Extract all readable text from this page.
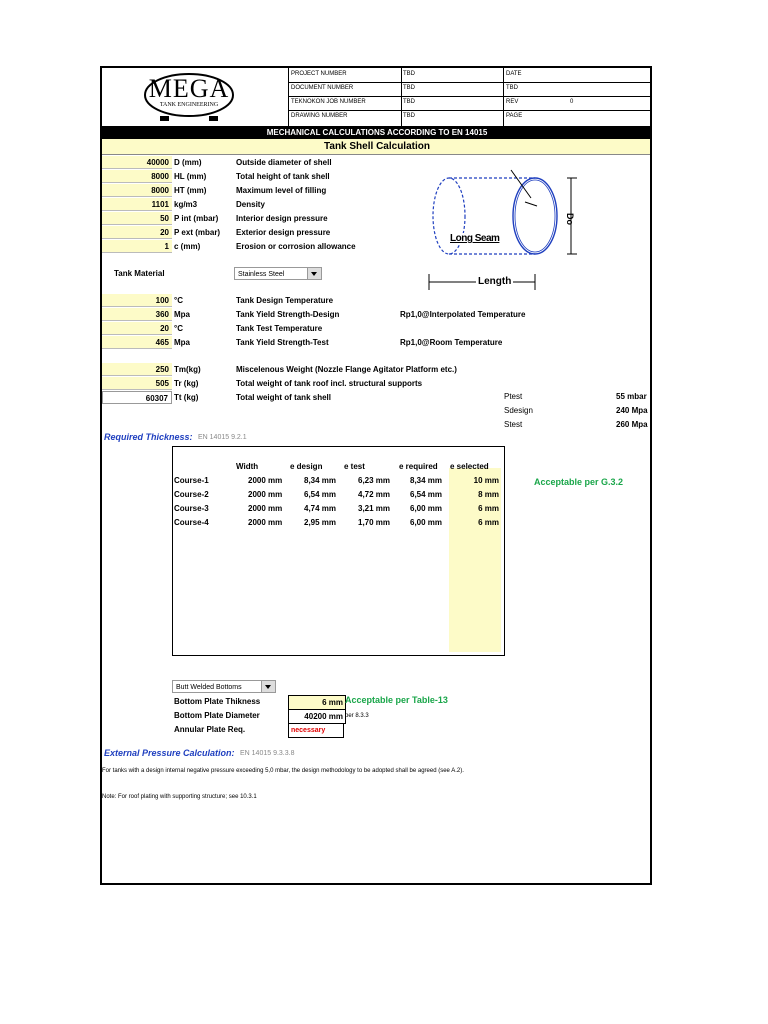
MEGA
TANK ENGINEERING
PROJECT NUMBER	TBD	DATE
DOCUMENT NUMBER	TBD	TBD
TEKNOKON JOB NUMBER	TBD	REV	0
DRAWING NUMBER	TBD	PAGE
MECHANICAL CALCULATIONS ACCORDING TO EN 14015
Tank Shell Calculation
40000 D (mm)	Outside diameter of shell
8000 HL (mm)	Total height of tank shell
8000 HT (mm)	Maximum level of filling
1101 kg/m3	Density
50 P int (mbar) Interior design pressure
20 P ext (mbar) Exterior design pressure
1 c (mm)	Erosion or corrosion allowance
Long Seam
Length
Do
Tank Material	Stainless Steel
100 °C	Tank Design Temperature
360 Mpa	Tank Yield Strength-Design	Rp1,0@Interpolated Temperature
20 °C	Tank Test Temperature
465 Mpa	Tank Yield Strength-Test	Rp1,0@Room Temperature
250 Tm(kg)	Miscelenous Weight (Nozzle Flange Agitator Platform etc.)
505 Tr (kg)	Total weight of tank roof incl. structural supports
60307 Tt (kg)	Total weight of tank shell	Ptest	55 mbar
Sdesign	240 Mpa
Stest	260 Mpa
Required Thickness: EN 14015 9.2.1
Width	e design	e test	e required e selected
Course-1	2000 mm	8,34 mm	6,23 mm 8,34 mm	10 mm
Course-2	2000 mm	6,54 mm	4,72 mm 6,54 mm	8 mm
Course-3	2000 mm	4,74 mm	3,21 mm 6,00 mm	6 mm
Course-4	2000 mm	2,95 mm	1,70 mm 6,00 mm	6 mm
Acceptable per G.3.2
Butt Welded Bottoms
Bottom Plate Thikness	6 mm Acceptable per Table-13
Bottom Plate Diameter	40200 mm per 8.3.3
Annular Plate Req.	necessary
External Pressure Calculation: EN 14015 9.3.3.8
For tanks with a design internal negative pressure exceeding 5,0 mbar, the design methodology to be adopted shall be agreed (see A.2).
Note: For roof plating with supporting structure; see 10.3.1
